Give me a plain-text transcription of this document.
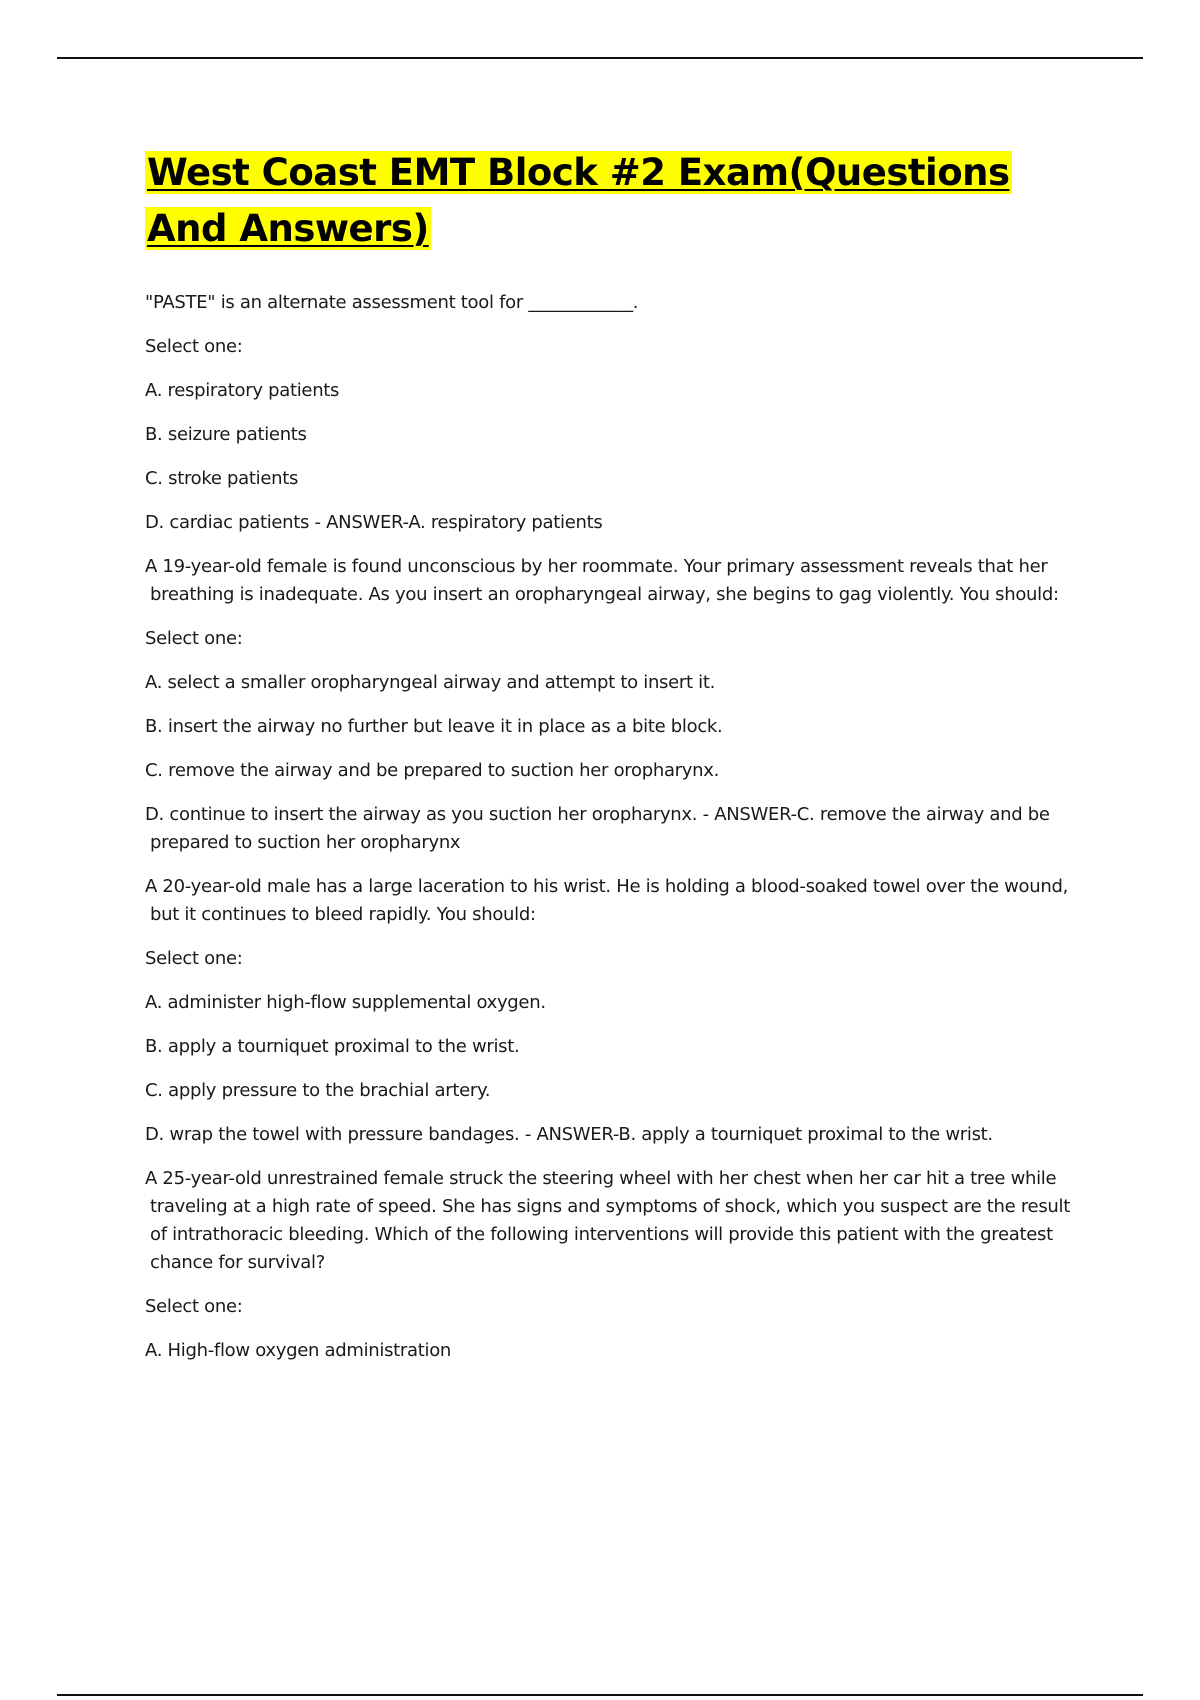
West Coast EMT Block #2 Exam(Questions And Answers)

"PASTE" is an alternate assessment tool for ____________.

Select one:

A. respiratory patients

B. seizure patients

C. stroke patients

D. cardiac patients - ANSWER-A. respiratory patients

A 19-year-old female is found unconscious by her roommate. Your primary assessment reveals that her breathing is inadequate. As you insert an oropharyngeal airway, she begins to gag violently. You should:

Select one:

A. select a smaller oropharyngeal airway and attempt to insert it.

B. insert the airway no further but leave it in place as a bite block.

C. remove the airway and be prepared to suction her oropharynx.

D. continue to insert the airway as you suction her oropharynx. - ANSWER-C. remove the airway and be prepared to suction her oropharynx

A 20-year-old male has a large laceration to his wrist. He is holding a blood-soaked towel over the wound, but it continues to bleed rapidly. You should:

Select one:

A. administer high-flow supplemental oxygen.

B. apply a tourniquet proximal to the wrist.

C. apply pressure to the brachial artery.

D. wrap the towel with pressure bandages. - ANSWER-B. apply a tourniquet proximal to the wrist.

A 25-year-old unrestrained female struck the steering wheel with her chest when her car hit a tree while traveling at a high rate of speed. She has signs and symptoms of shock, which you suspect are the result of intrathoracic bleeding. Which of the following interventions will provide this patient with the greatest chance for survival?

Select one:

A. High-flow oxygen administration
